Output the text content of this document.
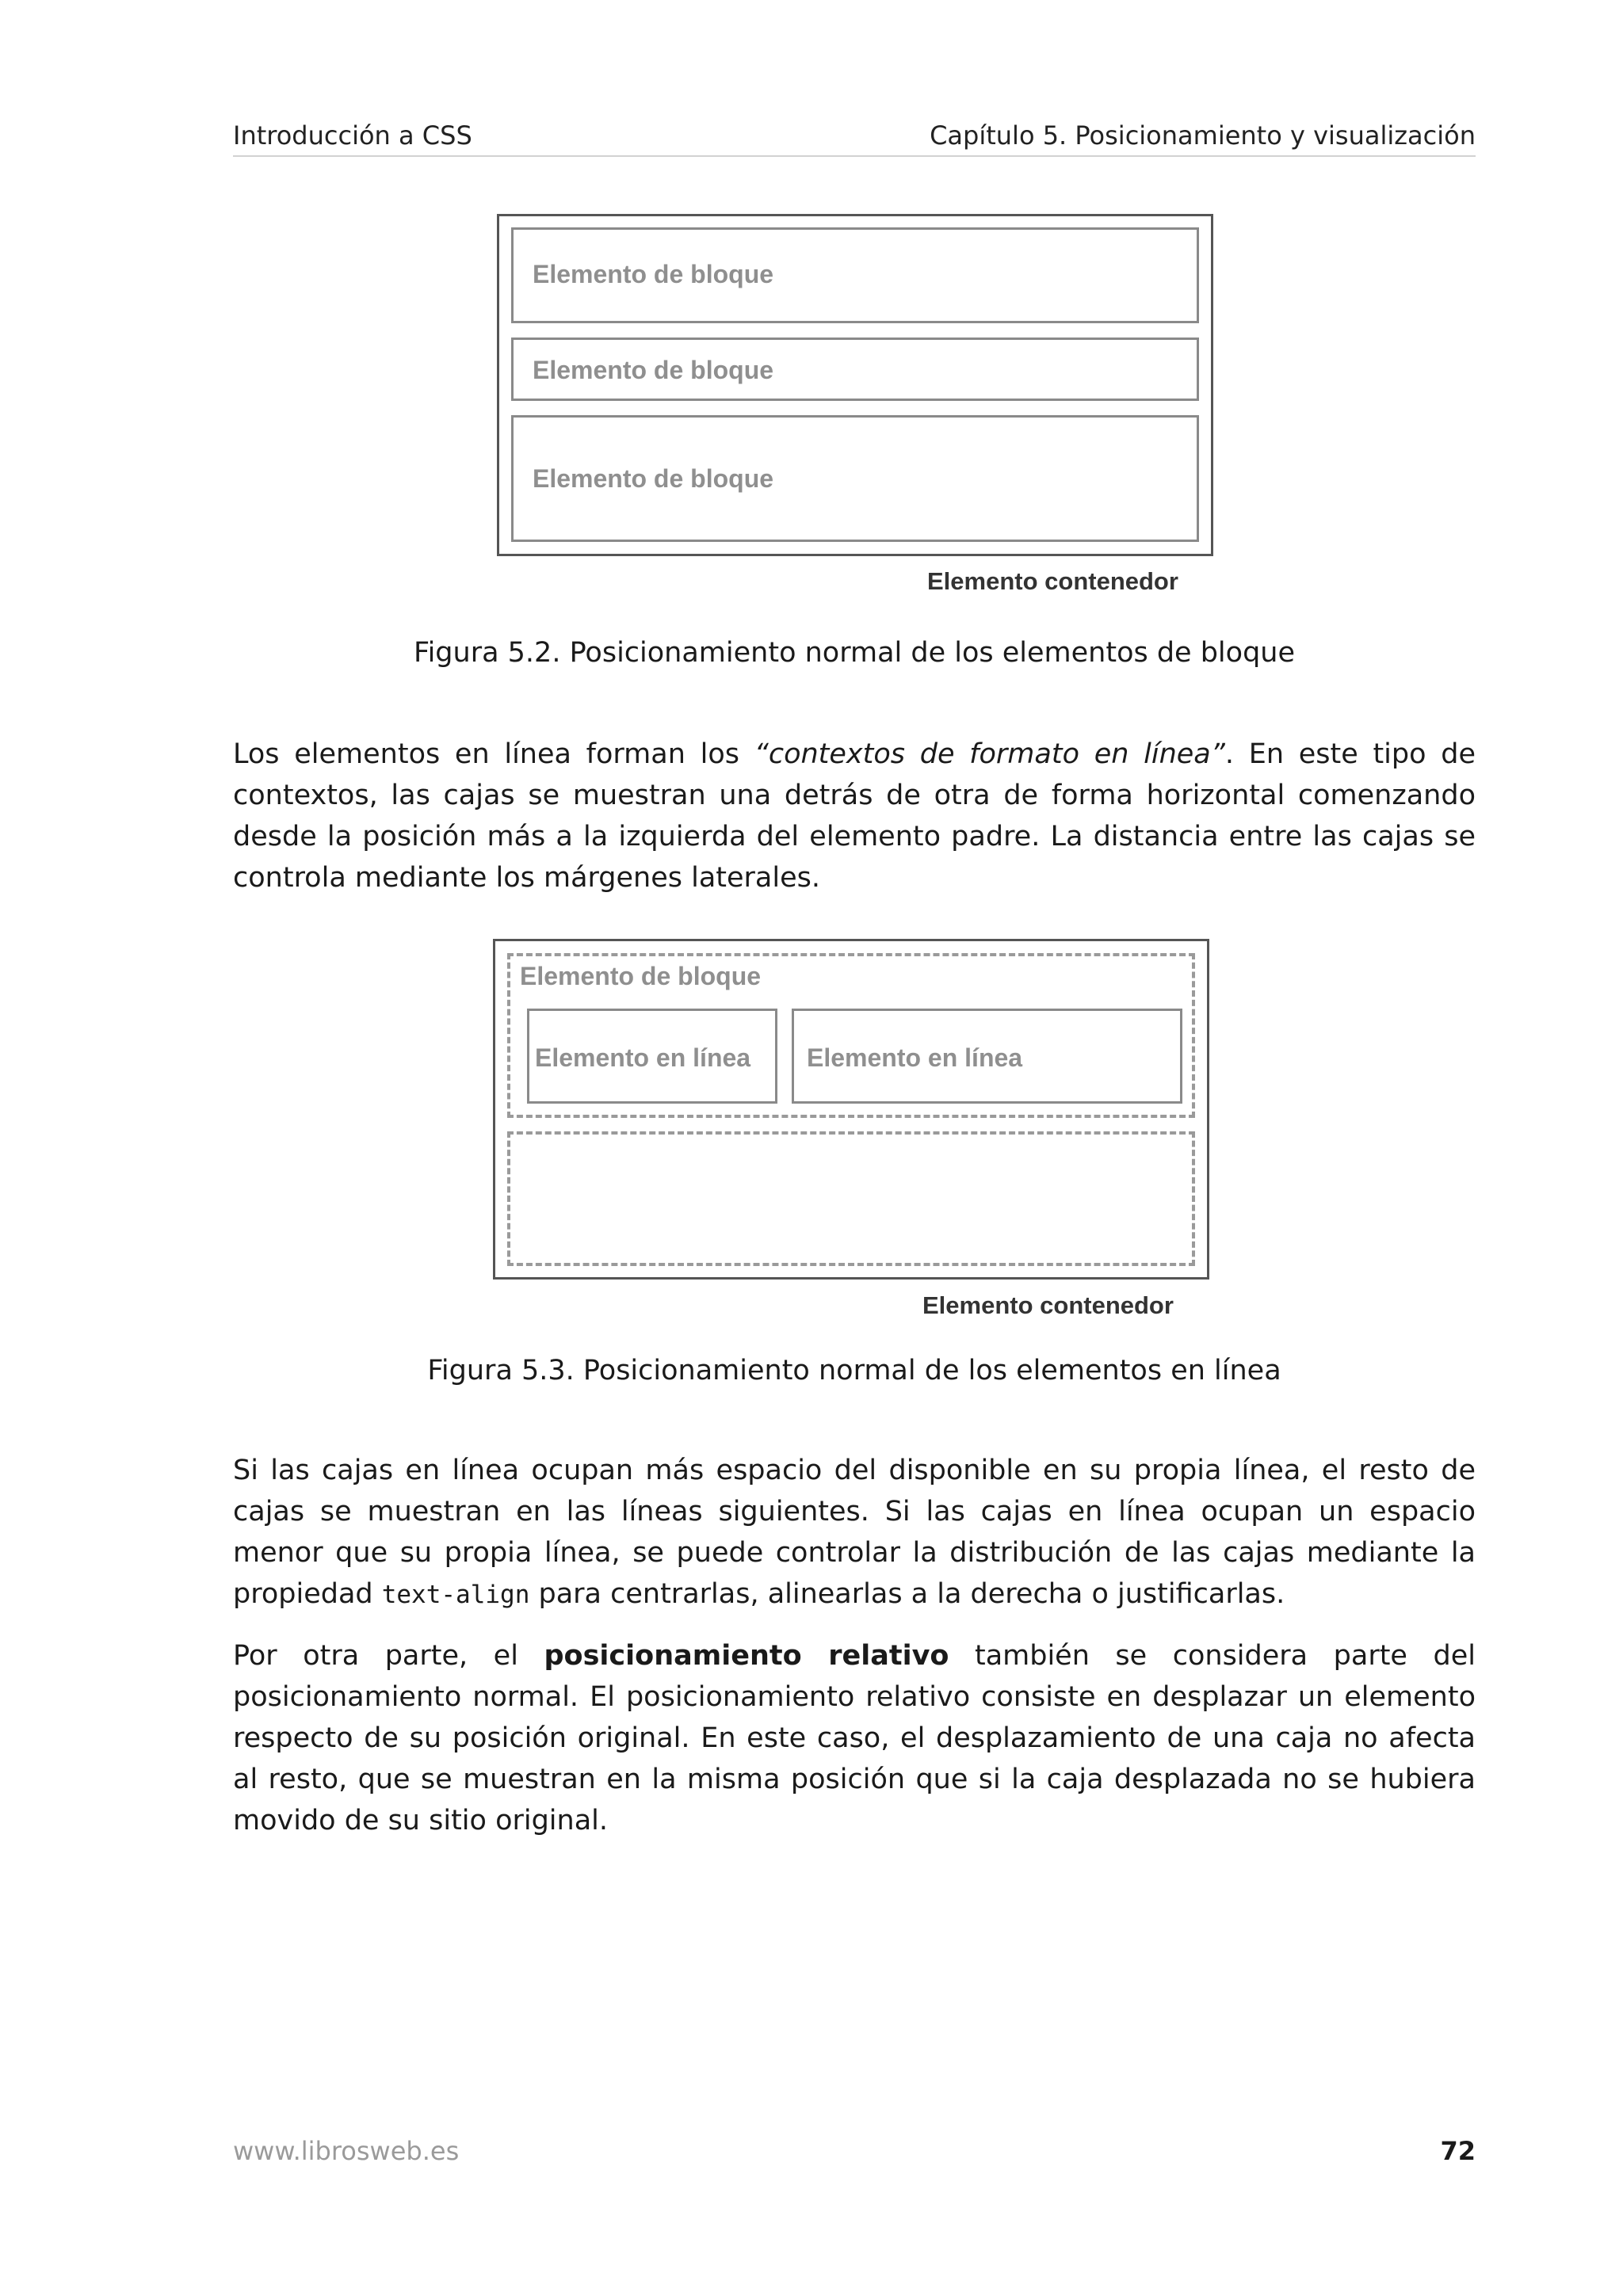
Introducción a CSS	Capítulo 5. Posicionamiento y visualización
Elemento de bloque
Elemento de bloque
Elemento de bloque
Elemento contenedor
Figura 5.2. Posicionamiento normal de los elementos de bloque

Los elementos en línea forman los “contextos de formato en línea”. En este tipo de contextos, las cajas se muestran una detrás de otra de forma horizontal comenzando desde la posición más a la izquierda del elemento padre. La distancia entre las cajas se controla mediante los márgenes laterales.

Elemento de bloque
Elemento en línea Elemento en línea
Elemento contenedor
Figura 5.3. Posicionamiento normal de los elementos en línea

Si las cajas en línea ocupan más espacio del disponible en su propia línea, el resto de cajas se muestran en las líneas siguientes. Si las cajas en línea ocupan un espacio menor que su propia línea, se puede controlar la distribución de las cajas mediante la propiedad text-align para centrarlas, alinearlas a la derecha o justificarlas.

Por otra parte, el posicionamiento relativo también se considera parte del posicionamiento normal. El posicionamiento relativo consiste en desplazar un elemento respecto de su posición original. En este caso, el desplazamiento de una caja no afecta al resto, que se muestran en la misma posición que si la caja desplazada no se hubiera movido de su sitio original.

www.librosweb.es	72
